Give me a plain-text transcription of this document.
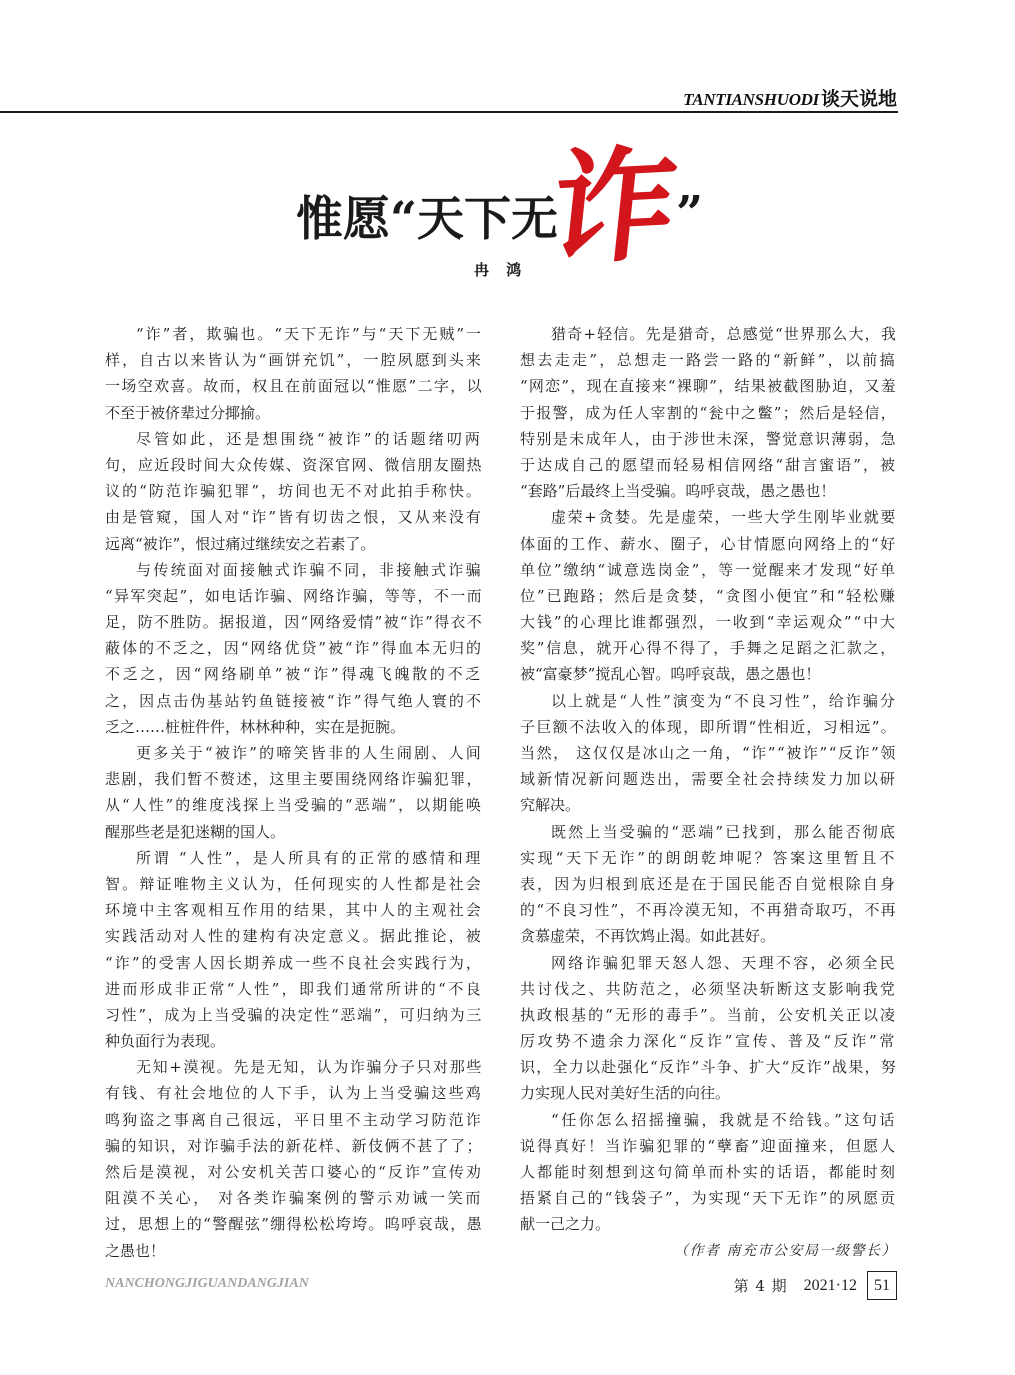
TANTIANSHUODI 谈天说地
惟愿“天下无
诈
”
冉 鸿
“诈”者，欺骗也。“天下无诈”与“天下无贼”一
样，自古以来皆认为“画饼充饥”，一腔夙愿到头来
一场空欢喜。故而，权且在前面冠以“惟愿”二字，以
不至于被侪辈过分揶揄。
尽管如此，还是想围绕“被诈”的话题绪叨两
句，应近段时间大众传媒、资深官网、微信朋友圈热
议的“防范诈骗犯罪”，坊间也无不对此拍手称快。
由是管窥，国人对“诈”皆有切齿之恨，又从来没有
远离“被诈”，恨过痛过继续安之若素了。
与传统面对面接触式诈骗不同，非接触式诈骗
“异军突起”，如电话诈骗、网络诈骗，等等，不一而
足，防不胜防。据报道，因“网络爱情”被“诈”得衣不
蔽体的不乏之，因“网络优贷”被“诈”得血本无归的
不乏之，因“网络刷单”被“诈”得魂飞魄散的不乏
之，因点击伪基站钓鱼链接被“诈”得气绝人寰的不
乏之……桩桩件件，林林种种，实在是扼腕。
更多关于“被诈”的啼笑皆非的人生闹剧、人间
悲剧，我们暂不赘述，这里主要围绕网络诈骗犯罪，
从“人性”的维度浅探上当受骗的“恶端”，以期能唤
醒那些老是犯迷糊的国人。
所谓 “人性”，是人所具有的正常的感情和理
智。辩证唯物主义认为，任何现实的人性都是社会
环境中主客观相互作用的结果，其中人的主观社会
实践活动对人性的建构有决定意义。据此推论，被
“诈”的受害人因长期养成一些不良社会实践行为，
进而形成非正常“人性”，即我们通常所讲的“不良
习性”，成为上当受骗的决定性“恶端”，可归纳为三
种负面行为表现。
无知+漠视。先是无知，认为诈骗分子只对那些
有钱、有社会地位的人下手，认为上当受骗这些鸡
鸣狗盗之事离自己很远，平日里不主动学习防范诈
骗的知识，对诈骗手法的新花样、新伎俩不甚了了；
然后是漠视，对公安机关苦口婆心的“反诈”宣传劝
阻漠不关心， 对各类诈骗案例的警示劝诫一笑而
过，思想上的“警醒弦”绷得松松垮垮。呜呼哀哉，愚
之愚也！
猎奇+轻信。先是猎奇，总感觉“世界那么大，我
想去走走”，总想走一路尝一路的“新鲜”，以前搞
“网恋”，现在直接来“裸聊”，结果被截图胁迫，又羞
于报警，成为任人宰割的“瓮中之鳖”；然后是轻信，
特别是未成年人，由于涉世未深，警觉意识薄弱，急
于达成自己的愿望而轻易相信网络“甜言蜜语”，被
“套路”后最终上当受骗。呜呼哀哉，愚之愚也！
虚荣+贪婪。先是虚荣，一些大学生刚毕业就要
体面的工作、薪水、圈子，心甘情愿向网络上的“好
单位”缴纳“诚意选岗金”，等一觉醒来才发现“好单
位”已跑路；然后是贪婪，“贪图小便宜”和“轻松赚
大钱”的心理比谁都强烈，一收到“幸运观众”“中大
奖”信息，就开心得不得了，手舞之足蹈之汇款之，
被“富豪梦”搅乱心智。呜呼哀哉，愚之愚也！
以上就是“人性”演变为“不良习性”，给诈骗分
子巨额不法收入的体现，即所谓“性相近，习相远”。
当然， 这仅仅是冰山之一角，“诈”“被诈”“反诈”领
域新情况新问题迭出，需要全社会持续发力加以研
究解决。
既然上当受骗的“恶端”已找到，那么能否彻底
实现“天下无诈”的朗朗乾坤呢？答案这里暂且不
表，因为归根到底还是在于国民能否自觉根除自身
的“不良习性”，不再冷漠无知，不再猎奇取巧，不再
贪慕虚荣，不再饮鸩止渴。如此甚好。
网络诈骗犯罪天怒人怨、天理不容，必须全民
共讨伐之、共防范之，必须坚决斩断这支影响我党
执政根基的“无形的毒手”。当前，公安机关正以凌
厉攻势不遗余力深化“反诈”宣传、普及“反诈”常
识，全力以赴强化“反诈”斗争、扩大“反诈”战果，努
力实现人民对美好生活的向往。
“任你怎么招摇撞骗，我就是不给钱。”这句话
说得真好！当诈骗犯罪的“孽畜”迎面撞来，但愿人
人都能时刻想到这句简单而朴实的话语，都能时刻
捂紧自己的“钱袋子”，为实现“天下无诈”的夙愿贡
献一己之力。
（作者 南充市公安局一级警长）
NANCHONGJIGUANDANGJIAN	第 4 期 2021·12	51
